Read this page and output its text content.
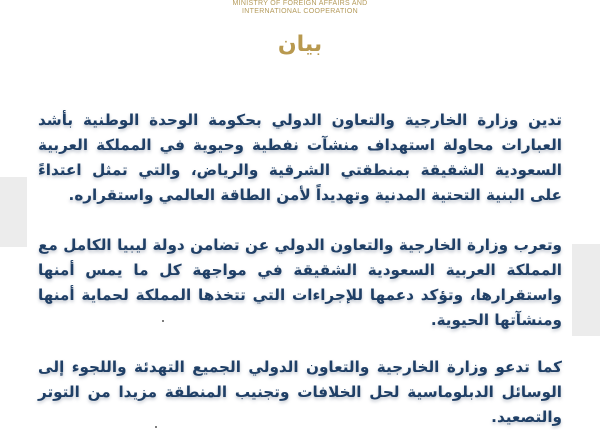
MINISTRY OF FOREIGN AFFAIRS AND
INTERNATIONAL COOPERATION
بيان

تدين وزارة الخارجية والتعاون الدولي بحكومة الوحدة الوطنية بأشد العبارات محاولة استهداف منشآت نفطية وحيوية في المملكة العربية السعودية الشقيقة بمنطقتي الشرقية والرياض، والتي تمثل اعتداءً على البنية التحتية المدنية وتهديداً لأمن الطاقة العالمي واستقراره.

وتعرب وزارة الخارجية والتعاون الدولي عن تضامن دولة ليبيا الكامل مع المملكة العربية السعودية الشقيقة في مواجهة كل ما يمس أمنها واستقرارها، وتؤكد دعمها للإجراءات التي تتخذها المملكة لحماية أمنها ومنشآتها الحيوية.

كما تدعو وزارة الخارجية والتعاون الدولي الجميع التهدئة واللجوء إلى الوسائل الدبلوماسية لحل الخلافات وتجنيب المنطقة مزيدا من التوتر والتصعيد.
